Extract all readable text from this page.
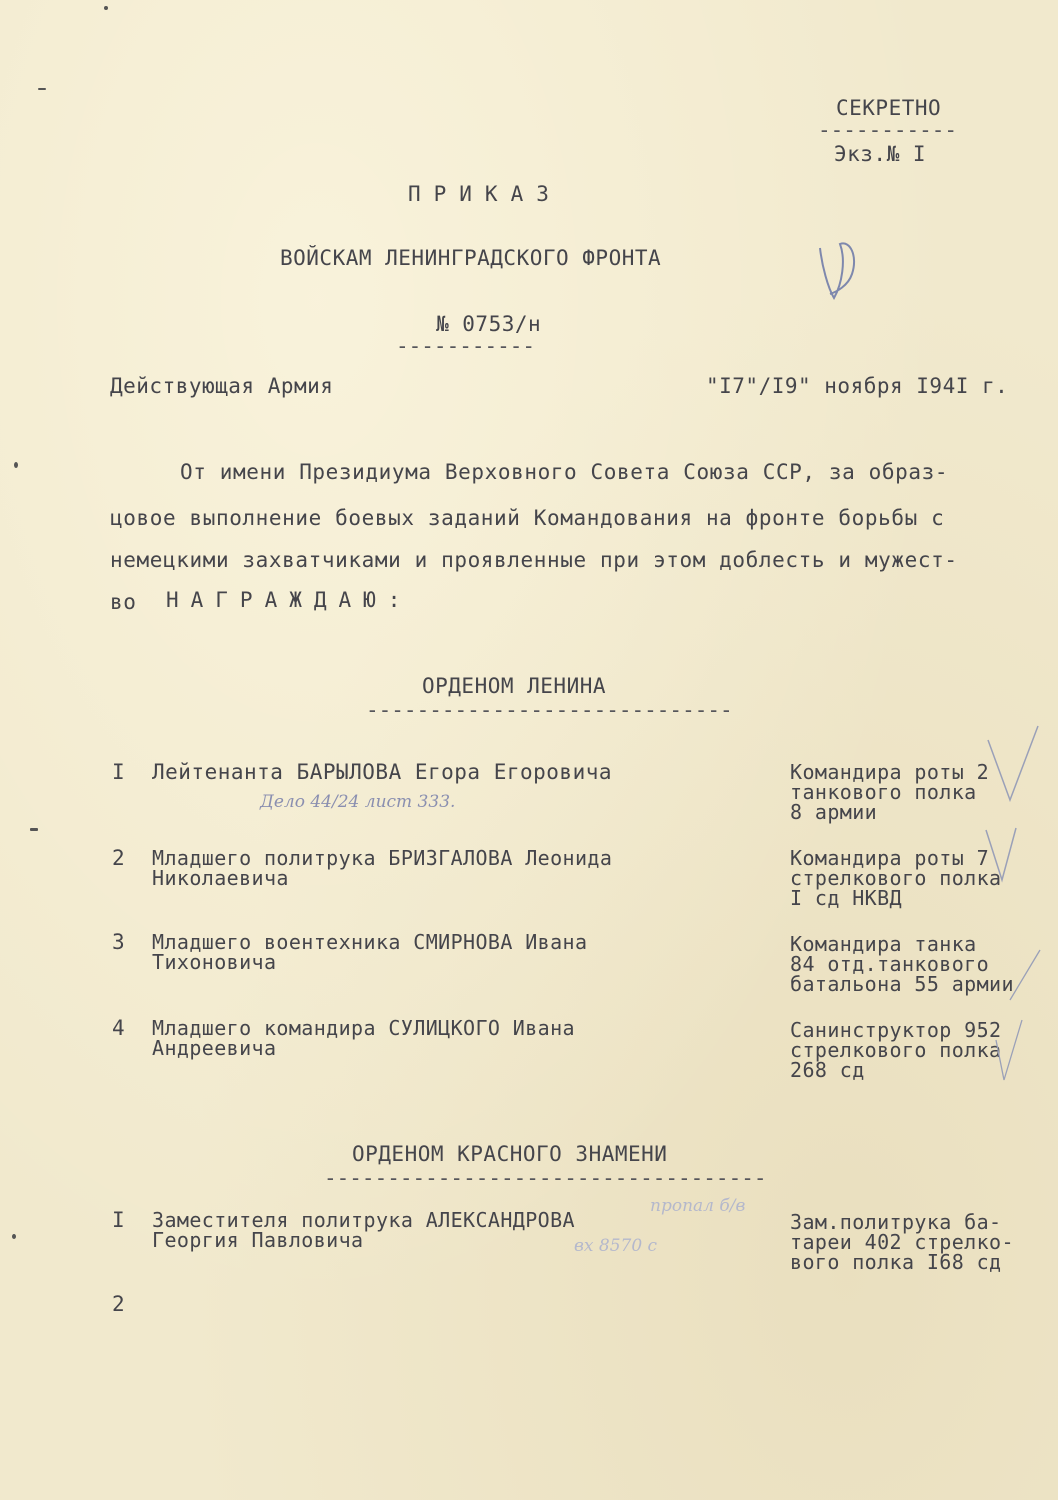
СЕКРЕТНО
-----------
Экз.№ I
ПРИКАЗ
ВОЙСКАМ ЛЕНИНГРАДСКОГО ФРОНТА
№ 0753/н
-----------
Действующая Армия	"I7"/I9" ноября I94I г.
От имени Президиума Верховного Совета Союза ССР, за образ-
цовое выполнение боевых заданий Командования на фронте борьбы с
немецкими захватчиками и проявленные при этом доблесть и мужест-
во НАГРАЖДАЮ:
ОРДЕНОМ ЛЕНИНА
-----------------------------
I Лейтенанта БАРЫЛОВА Егора Егоровича
Дело 44/24 лист 333.
Командира роты 2
танкового полка
8 армии
2 Младшего политрука БРИЗГАЛОВА Леонида
Николаевича
Командира роты 7
стрелкового полка
I сд НКВД
3 Младшего воентехника СМИРНОВА Ивана
Тихоновича
Командира танка
84 отд.танкового
батальона 55 армии
4 Младшего командира СУЛИЦКОГО Ивана
Андреевича
Санинструктор 952
стрелкового полка
268 сд
ОРДЕНОМ КРАСНОГО ЗНАМЕНИ
-----------------------------------
I Заместителя политрука АЛЕКСАНДРОВА
Георгия Павловича
пропал б/в
вх 8570 с
Зам.политрука ба-
тареи 402 стрелко-
вого полка I68 сд
2
